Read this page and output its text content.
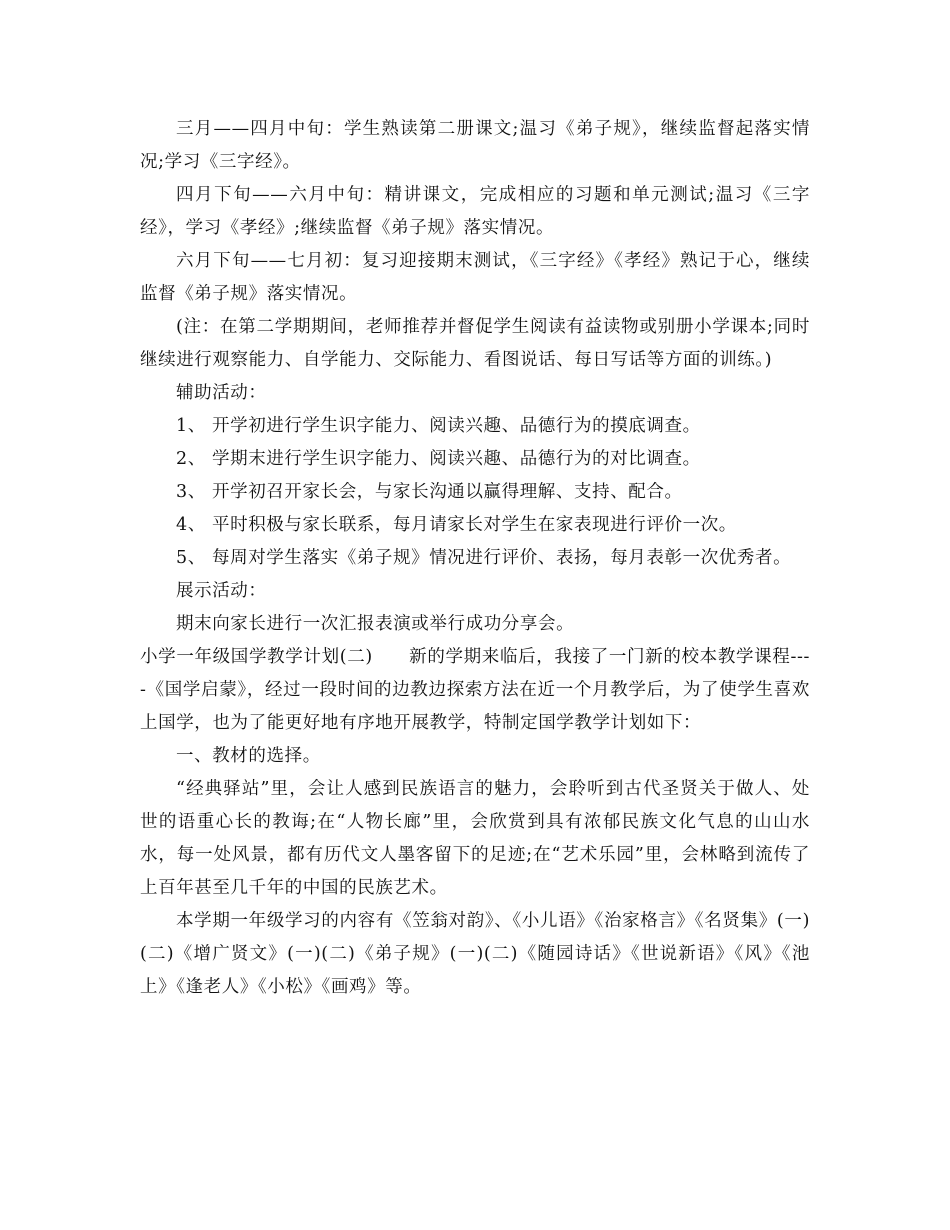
三月——四月中旬：学生熟读第二册课文;温习《弟子规》，继续监督起落实情况;学习《三字经》。

四月下旬——六月中旬：精讲课文，完成相应的习题和单元测试;温习《三字经》，学习《孝经》;继续监督《弟子规》落实情况。

六月下旬——七月初：复习迎接期末测试，《三字经》《孝经》熟记于心，继续监督《弟子规》落实情况。

(注：在第二学期期间，老师推荐并督促学生阅读有益读物或别册小学课本;同时继续进行观察能力、自学能力、交际能力、看图说话、每日写话等方面的训练。)

辅助活动：

1、 开学初进行学生识字能力、阅读兴趣、品德行为的摸底调查。

2、 学期末进行学生识字能力、阅读兴趣、品德行为的对比调查。

3、 开学初召开家长会，与家长沟通以赢得理解、支持、配合。

4、 平时积极与家长联系，每月请家长对学生在家表现进行评价一次。

5、 每周对学生落实《弟子规》情况进行评价、表扬，每月表彰一次优秀者。

展示活动：

期末向家长进行一次汇报表演或举行成功分享会。

小学一年级国学教学计划(二)　　新的学期来临后，我接了一门新的校本教学课程----《国学启蒙》，经过一段时间的边教边探索方法在近一个月教学后，为了使学生喜欢上国学，也为了能更好地有序地开展教学，特制定国学教学计划如下：

一、教材的选择。

“经典驿站”里，会让人感到民族语言的魅力，会聆听到古代圣贤关于做人、处世的语重心长的教诲;在“人物长廊”里，会欣赏到具有浓郁民族文化气息的山山水水，每一处风景，都有历代文人墨客留下的足迹;在“艺术乐园”里，会林略到流传了上百年甚至几千年的中国的民族艺术。

本学期一年级学习的内容有《笠翁对韵》、《小儿语》《治家格言》《名贤集》(一)(二)《增广贤文》(一)(二)《弟子规》(一)(二)《随园诗话》《世说新语》《风》《池上》《逢老人》《小松》《画鸡》等。
